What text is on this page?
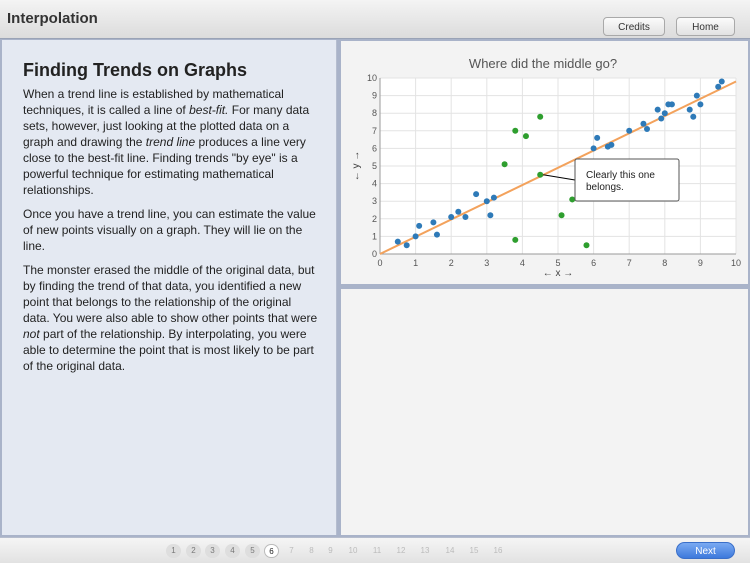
Interpolation
Credits	Home
Finding Trends on Graphs

When a trend line is established by mathematical techniques, it is called a line of best-fit. For many data sets, however, just looking at the plotted data on a graph and drawing the trend line produces a line very close to the best-fit line. Finding trends "by eye" is a powerful technique for estimating mathematical relationships.

Once you have a trend line, you can estimate the value of new points visually on a graph. They will lie on the line.

The monster erased the middle of the original data, but by finding the trend of that data, you identified a new point that belongs to the relationship of the original data. You were also able to show other points that were not part of the relationship. By interpolating, you were able to determine the point that is most likely to be part of the original data.

Where did the middle go?
0	1	2	3	4	5	6	7	8	9	10
0
1
2
3
4
5
6
7
8
9
10
Clearly this one
belongs.
← x →
← y →
1	2	3	4	5	6	7	8	9	10	11	12	13	14	15	16	Next
